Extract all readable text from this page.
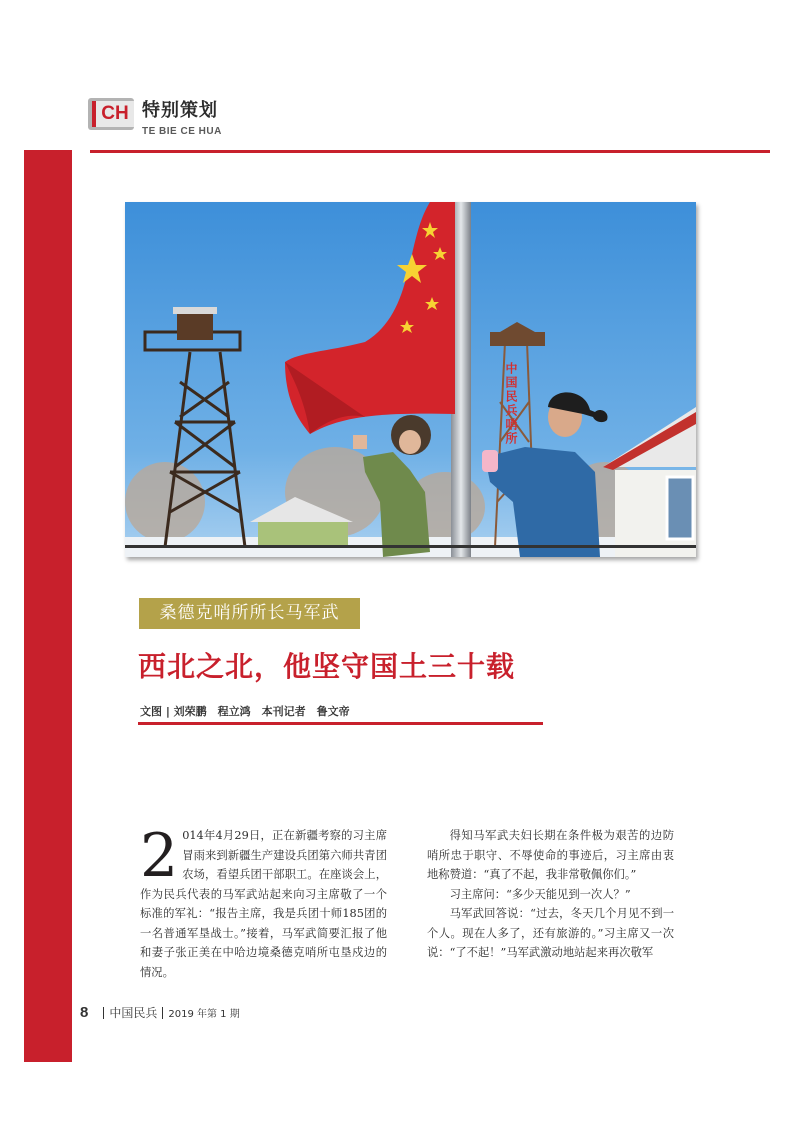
CH 特别策划
TE BIE CE HUA
中国民兵哨所
桑德克哨所所长马军武
西北之北，他坚守国土三十载
文图 | 刘荣鹏　程立鸿　本刊记者　鲁文帝
2 014年4月29日，正在新疆考察的习主席冒雨来到新疆生产建设兵团第六师共青团农场，看望兵团干部职工。在座谈会上，作为民兵代表的马军武站起来向习主席敬了一个标准的军礼：“报告主席，我是兵团十师185团的一名普通军垦战士。”接着，马军武简要汇报了他和妻子张正美在中哈边境桑德克哨所屯垦戍边的情况。

得知马军武夫妇长期在条件极为艰苦的边防哨所忠于职守、不辱使命的事迹后，习主席由衷地称赞道：“真了不起，我非常敬佩你们。”

习主席问：“多少天能见到一次人？”

马军武回答说：“过去，冬天几个月见不到一个人。现在人多了，还有旅游的。”习主席又一次说：“了不起！”马军武激动地站起来再次敬军

8 中国民兵 2019 年第 1 期
